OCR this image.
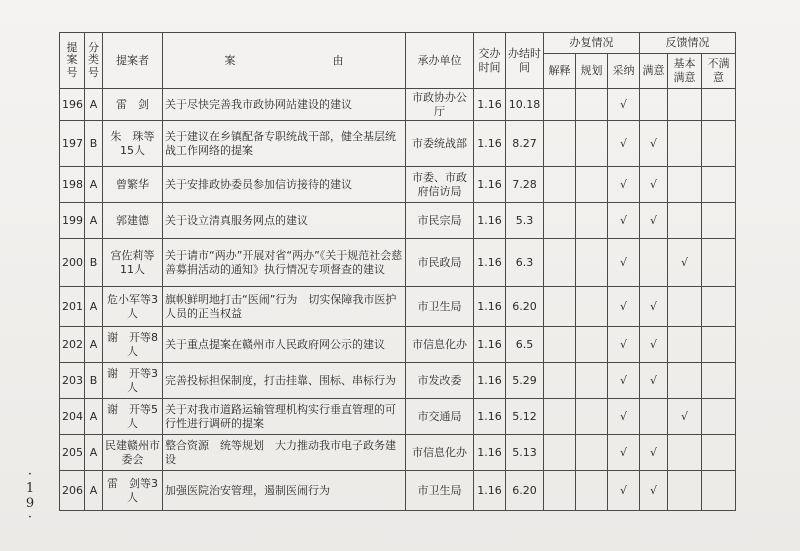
提案号	分类号	提案者	案 由	承办单位	交办时间	办结时间	办复情况			反馈情况		
							解释	规划	采纳	满意	基本满意	不满意
196	A	雷　剑	关于尽快完善我市政协网站建设的建议	市政协办公厅	1.16	10.18			√			
197	B	朱　珠等15人	关于建议在乡镇配备专职统战干部，健全基层统战工作网络的提案	市委统战部	1.16	8.27			√	√		
198	A	曾繁华	关于安排政协委员参加信访接待的建议	市委、市政府信访局	1.16	7.28			√	√		
199	A	郭建德	关于设立清真服务网点的建议	市民宗局	1.16	5.3			√	√		
200	B	宫佐莉等11人	关于请市“两办”开展对省“两办”《关于规范社会慈善募捐活动的通知》执行情况专项督查的建议	市民政局	1.16	6.3			√		√	
201	A	危小军等3人	旗帜鲜明地打击“医闹”行为　切实保障我市医护人员的正当权益	市卫生局	1.16	6.20			√	√		
202	A	谢　开等8人	关于重点提案在赣州市人民政府网公示的建议	市信息化办	1.16	6.5			√	√		
203	B	谢　开等3人	完善投标担保制度，打击挂靠、围标、串标行为	市发改委	1.16	5.29			√	√		
204	A	谢　开等5人	关于对我市道路运输管理机构实行垂直管理的可行性进行调研的提案	市交通局	1.16	5.12			√		√	
205	A	民建赣州市委会	整合资源　统等规划　大力推动我市电子政务建设	市信息化办	1.16	5.13			√	√		
206	A	雷　剑等3人	加强医院治安管理，遏制医闹行为	市卫生局	1.16	6.20			√	√		
·
1
9
·
